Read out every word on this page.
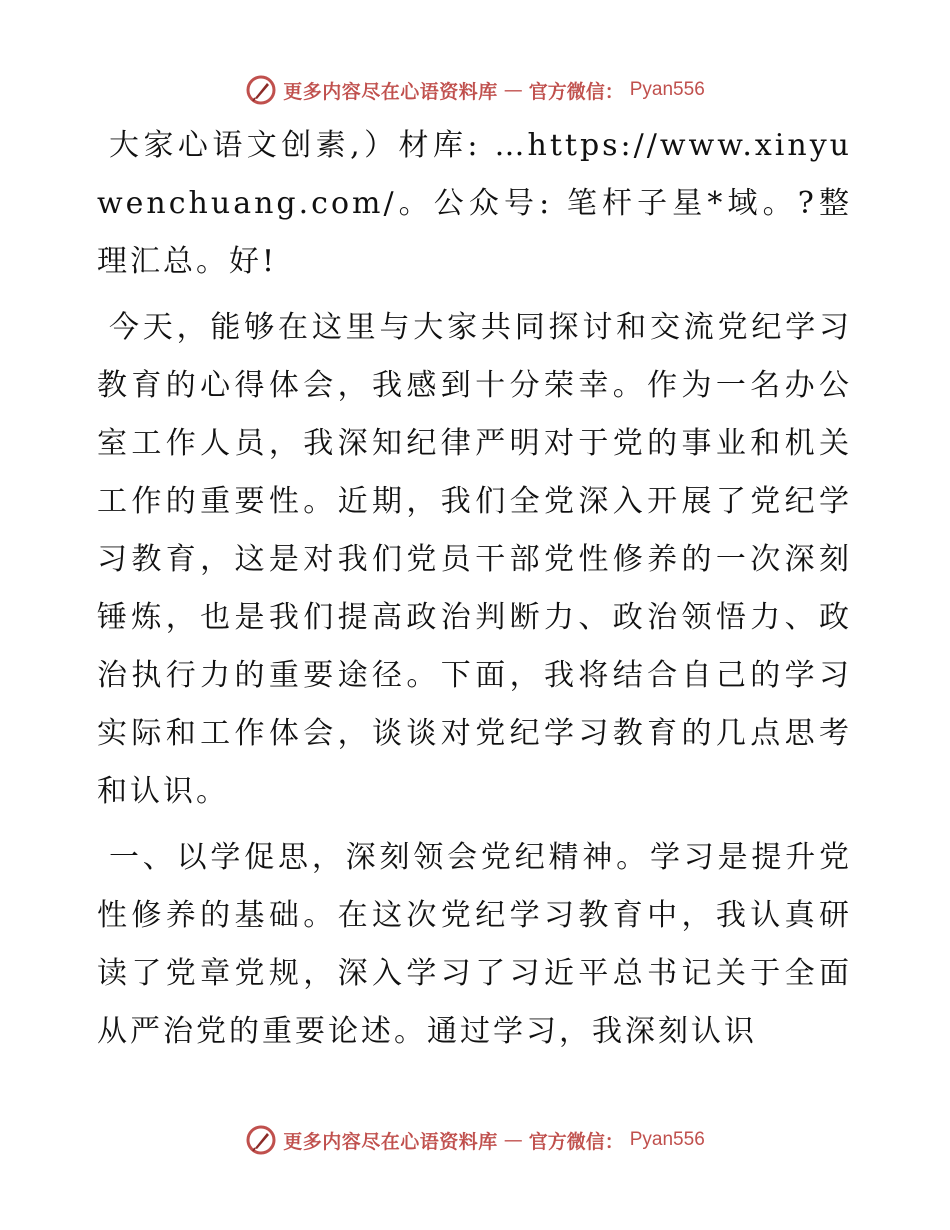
更多内容尽在心语资料库 — 官方微信： Pyan556

大家心语文创素,）材库: …https://www.xinyuwenchuang.com/。公众号: 笔杆子星*域。?整理汇总。好!

今天，能够在这里与大家共同探讨和交流党纪学习教育的心得体会，我感到十分荣幸。作为一名办公室工作人员，我深知纪律严明对于党的事业和机关工作的重要性。近期，我们全党深入开展了党纪学习教育，这是对我们党员干部党性修养的一次深刻锤炼，也是我们提高政治判断力、政治领悟力、政治执行力的重要途径。下面，我将结合自己的学习实际和工作体会，谈谈对党纪学习教育的几点思考和认识。

一、以学促思，深刻领会党纪精神。学习是提升党性修养的基础。在这次党纪学习教育中，我认真研读了党章党规，深入学习了习近平总书记关于全面从严治党的重要论述。通过学习，我深刻认识

更多内容尽在心语资料库 — 官方微信： Pyan556
